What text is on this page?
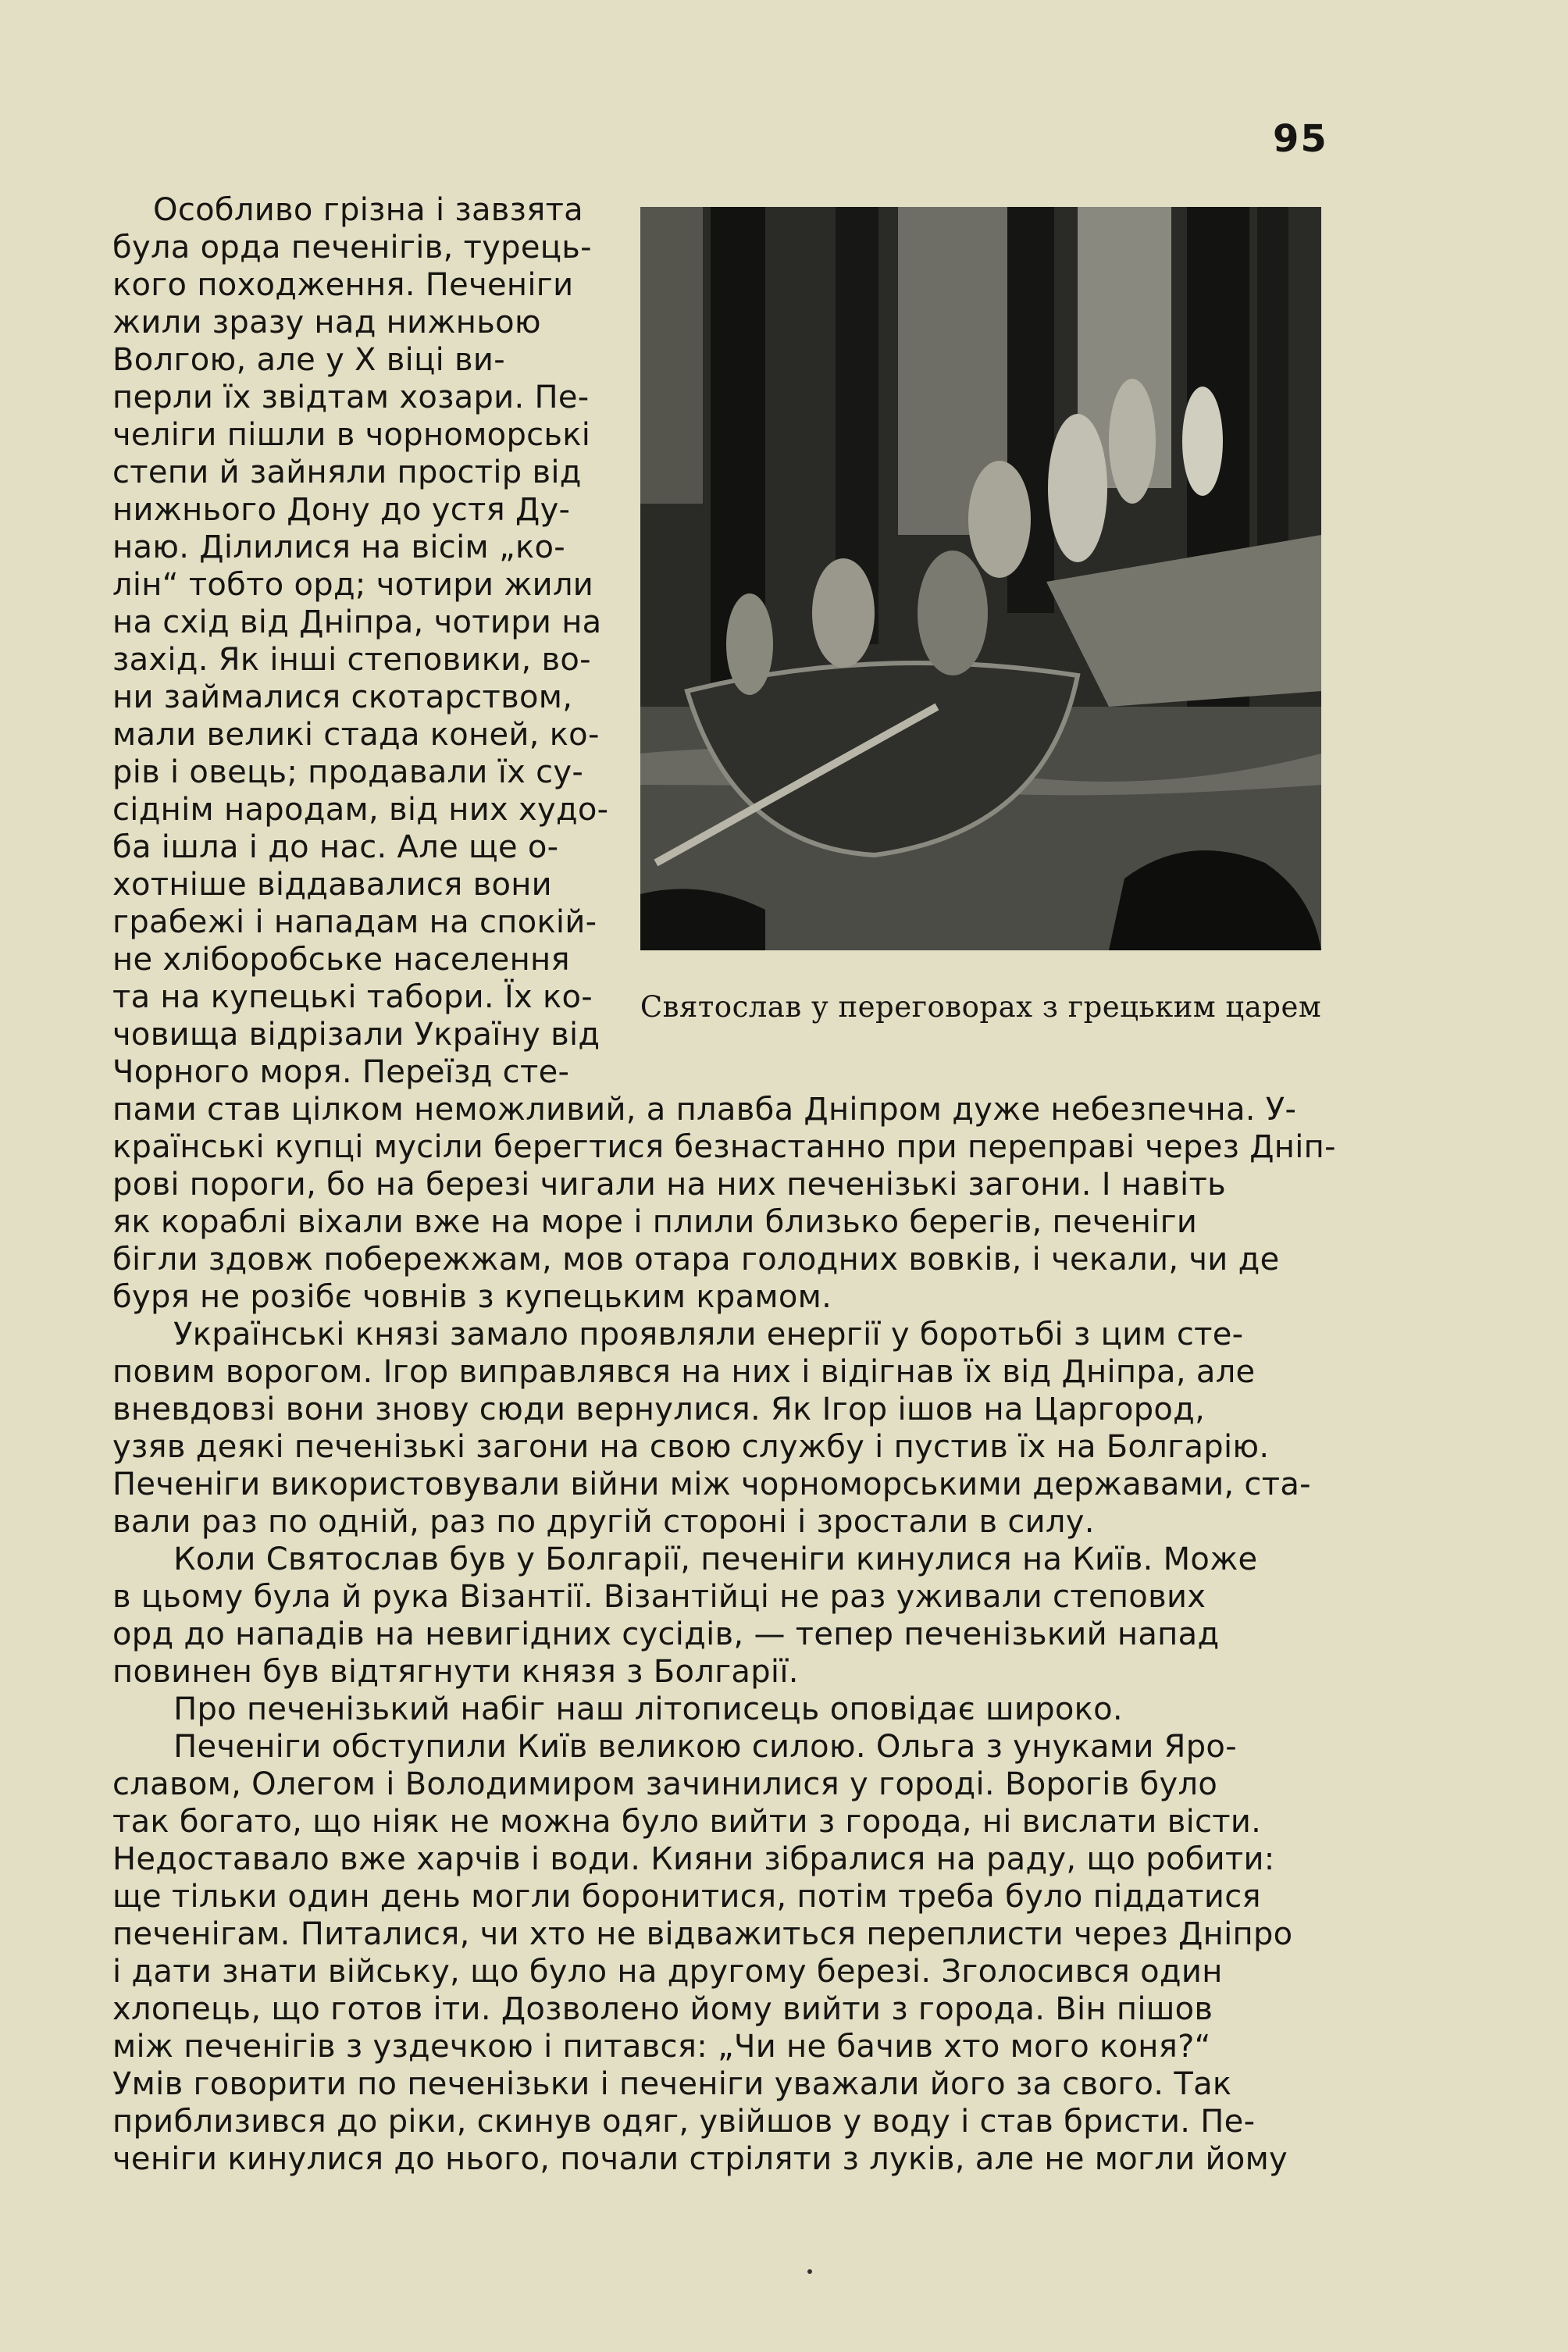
95
Святослав у переговорах з грецьким царем
Особливо грізна і завзята
була орда печенігів, турець-
кого походження. Печеніги
жили зразу над нижньою
Волгою, але у Х віці ви-
перли їх звідтам хозари. Пе-
челіги пішли в чорноморські
степи й зайняли простір від
нижнього Дону до устя Ду-
наю. Ділилися на вісім „ко-
лін“ тобто орд; чотири жили
на схід від Дніпра, чотири на
захід. Як інші степовики, во-
ни займалися скотарством,
мали великі стада коней, ко-
рів і овець; продавали їх су-
сіднім народам, від них худо-
ба ішла і до нас. Але ще о-
хотніше віддавалися вони
грабежі і нападам на спокій-
не хліборобське населення
та на купецькі табори. Їх ко-
човища відрізали Україну від
Чорного моря. Переїзд сте-
пами став цілком неможливий, а плавба Дніпром дуже небезпечна. У-
країнські купці мусіли берегтися безнастанно при переправі через Дніп-
рові пороги, бо на березі чигали на них печенізькі загони. І навіть
як кораблі віхали вже на море і плили близько берегів, печеніги
бігли здовж побережжам, мов отара голодних вовків, і чекали, чи де
буря не розібє човнів з купецьким крамом.
Українські князі замало проявляли енергії у боротьбі з цим сте-
повим ворогом. Ігор виправлявся на них і відігнав їх від Дніпра, але
вневдовзі вони знову сюди вернулися. Як Ігор ішов на Царгород,
узяв деякі печенізькі загони на свою службу і пустив їх на Болгарію.
Печеніги використовували війни між чорноморськими державами, ста-
вали раз по одній, раз по другій стороні і зростали в силу.
Коли Святослав був у Болгарії, печеніги кинулися на Київ. Може
в цьому була й рука Візантії. Візантійці не раз уживали степових
орд до нападів на невигідних сусідів, — тепер печенізький напад
повинен був відтягнути князя з Болгарії.
Про печенізький набіг наш літописець оповідає широко.
Печеніги обступили Київ великою силою. Ольга з унуками Яро-
славом, Олегом і Володимиром зачинилися у городі. Ворогів було
так богато, що ніяк не можна було вийти з города, ні вислати вісти.
Недоставало вже харчів і води. Кияни зібралися на раду, що робити:
ще тільки один день могли боронитися, потім треба було піддатися
печенігам. Питалися, чи хто не відважиться переплисти через Дніпро
і дати знати війську, що було на другому березі. Зголосився один
хлопець, що готов іти. Дозволено йому вийти з города. Він пішов
між печенігів з уздечкою і питався: „Чи не бачив хто мого коня?“
Умів говорити по печенізьки і печеніги уважали його за свого. Так
приблизився до ріки, скинув одяг, увійшов у воду і став бристи. Пе-
ченіги кинулися до нього, почали стріляти з луків, але не могли йому
